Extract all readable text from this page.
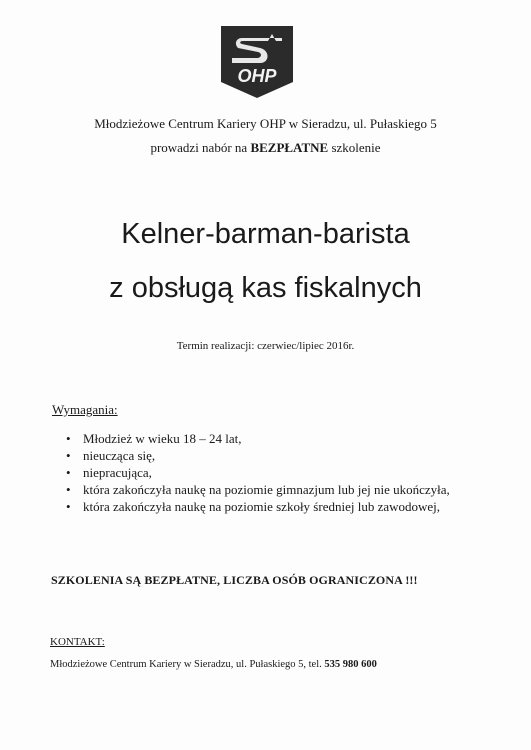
OHP
Młodzieżowe Centrum Kariery OHP w Sieradzu, ul. Pułaskiego 5
prowadzi nabór na BEZPŁATNE szkolenie
Kelner-barman-barista
z obsługą kas fiskalnych
Termin realizacji: czerwiec/lipiec 2016r.
Wymagania:
• Młodzież w wieku 18 – 24 lat,
• nieucząca się,
• niepracująca,
• która zakończyła naukę na poziomie gimnazjum lub jej nie ukończyła,
• która zakończyła naukę na poziomie szkoły średniej lub zawodowej,
SZKOLENIA SĄ BEZPŁATNE, LICZBA OSÓB OGRANICZONA !!!
KONTAKT:
Młodzieżowe Centrum Kariery w Sieradzu, ul. Pułaskiego 5, tel. 535 980 600
